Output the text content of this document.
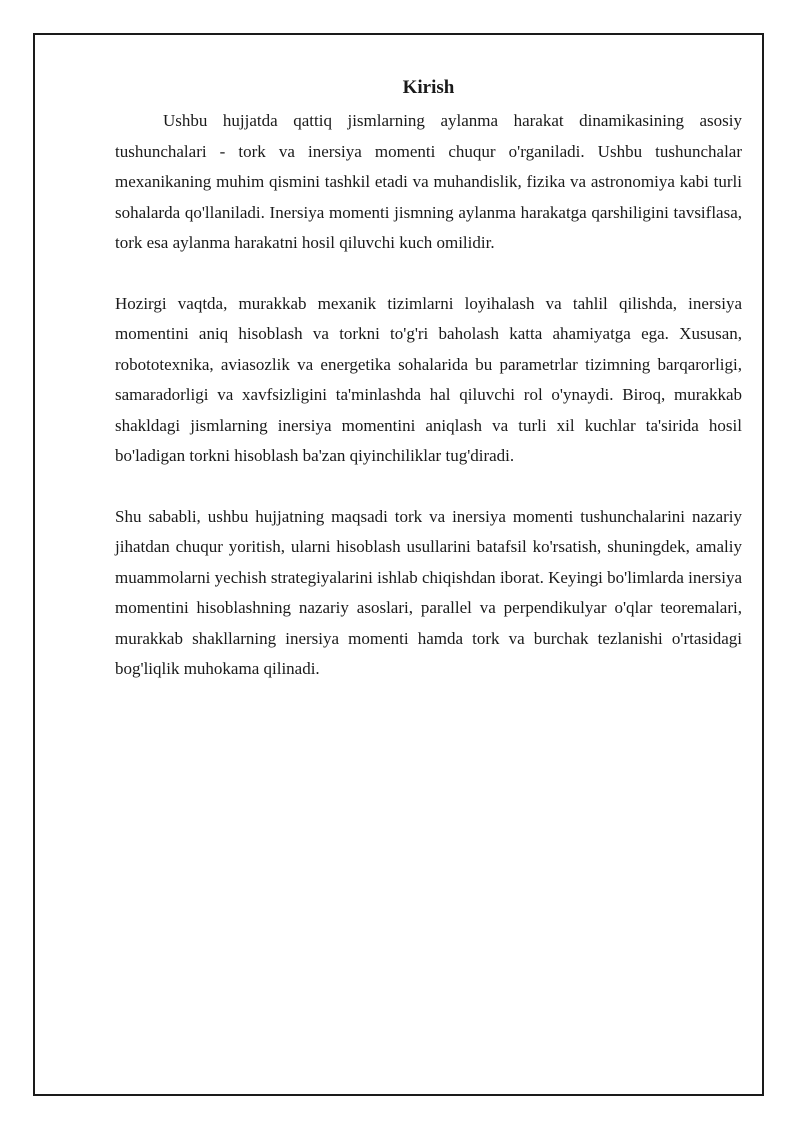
Kirish

Ushbu hujjatda qattiq jismlarning aylanma harakat dinamikasining asosiy tushunchalari - tork va inersiya momenti chuqur o'rganiladi. Ushbu tushunchalar mexanikaning muhim qismini tashkil etadi va muhandislik, fizika va astronomiya kabi turli sohalarda qo'llaniladi. Inersiya momenti jismning aylanma harakatga qarshiligini tavsiflasa, tork esa aylanma harakatni hosil qiluvchi kuch omilidir.

Hozirgi vaqtda, murakkab mexanik tizimlarni loyihalash va tahlil qilishda, inersiya momentini aniq hisoblash va torkni to'g'ri baholash katta ahamiyatga ega. Xususan, robototexnika, aviasozlik va energetika sohalarida bu parametrlar tizimning barqarorligi, samaradorligi va xavfsizligini ta'minlashda hal qiluvchi rol o'ynaydi. Biroq, murakkab shakldagi jismlarning inersiya momentini aniqlash va turli xil kuchlar ta'sirida hosil bo'ladigan torkni hisoblash ba'zan qiyinchiliklar tug'diradi.

Shu sababli, ushbu hujjatning maqsadi tork va inersiya momenti tushunchalarini nazariy jihatdan chuqur yoritish, ularni hisoblash usullarini batafsil ko'rsatish, shuningdek, amaliy muammolarni yechish strategiyalarini ishlab chiqishdan iborat. Keyingi bo'limlarda inersiya momentini hisoblashning nazariy asoslari, parallel va perpendikulyar o'qlar teoremalari, murakkab shakllarning inersiya momenti hamda tork va burchak tezlanishi o'rtasidagi bog'liqlik muhokama qilinadi.
